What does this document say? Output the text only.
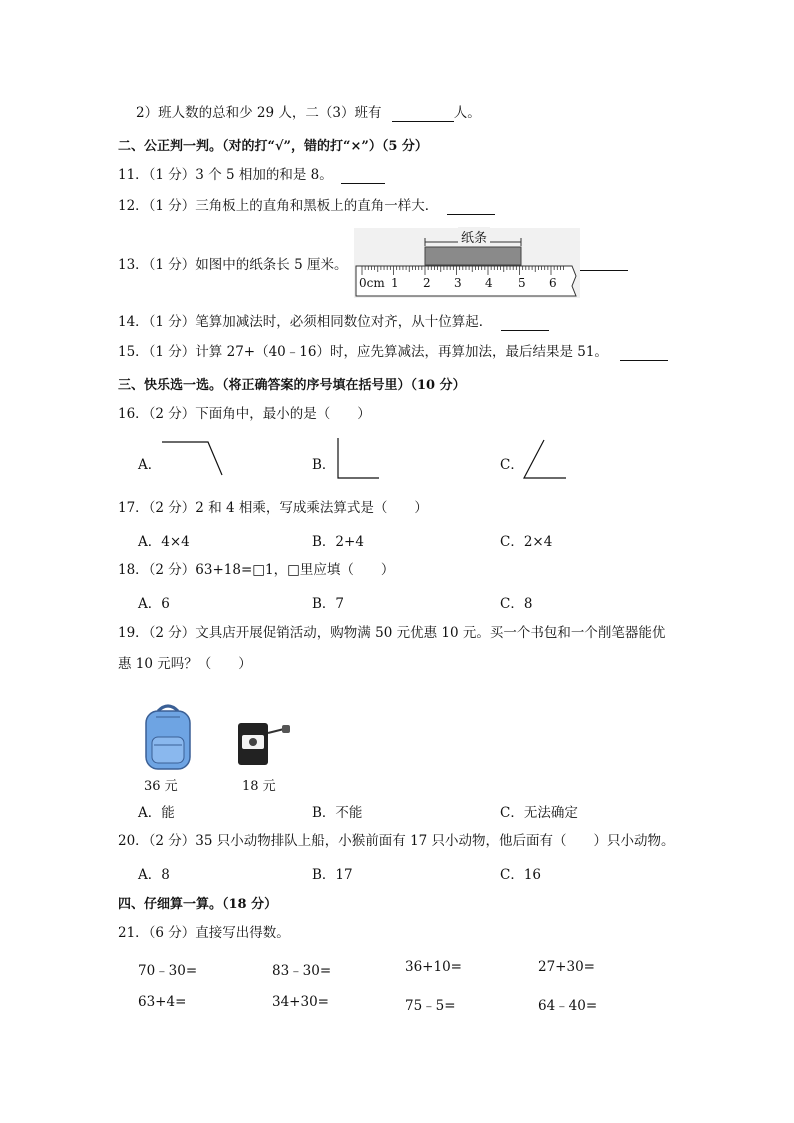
2）班人数的总和少 29 人，二（3）班有	人。
二、公正判一判。（对的打“√”，错的打“×”）（5 分）
11．（1 分）3 个 5 相加的和是 8。
12．（1 分）三角板上的直角和黑板上的直角一样大．
13．（1 分）如图中的纸条长 5 厘米。
纸条
0cm 1 2 3 4 5 6
14．（1 分）笔算加减法时，必须相同数位对齐，从十位算起．
15．（1 分）计算 27+（40﹣16）时，应先算减法，再算加法，最后结果是 51。
三、快乐选一选。（将正确答案的序号填在括号里）（10 分）
16．（2 分）下面角中，最小的是（　　）
A．	B．	C．
17．（2 分）2 和 4 相乘，写成乘法算式是（　　）
A．4×4	B．2+4	C．2×4
18．（2 分）63+18=□1，□里应填（　　）
A．6	B．7	C．8
19．（2 分）文具店开展促销活动，购物满 50 元优惠 10 元。买一个书包和一个削笔器能优
惠 10 元吗？（　　）
36 元	18 元
A．能	B．不能	C．无法确定
20．（2 分）35 只小动物排队上船，小猴前面有 17 只小动物，他后面有（　　）只小动物。
A．8	B．17	C．16
四、仔细算一算。（18 分）
21．（6 分）直接写出得数。
70﹣30=	83﹣30=	36+10=	27+30=
63+4=	34+30=	75﹣5=	64﹣40=
